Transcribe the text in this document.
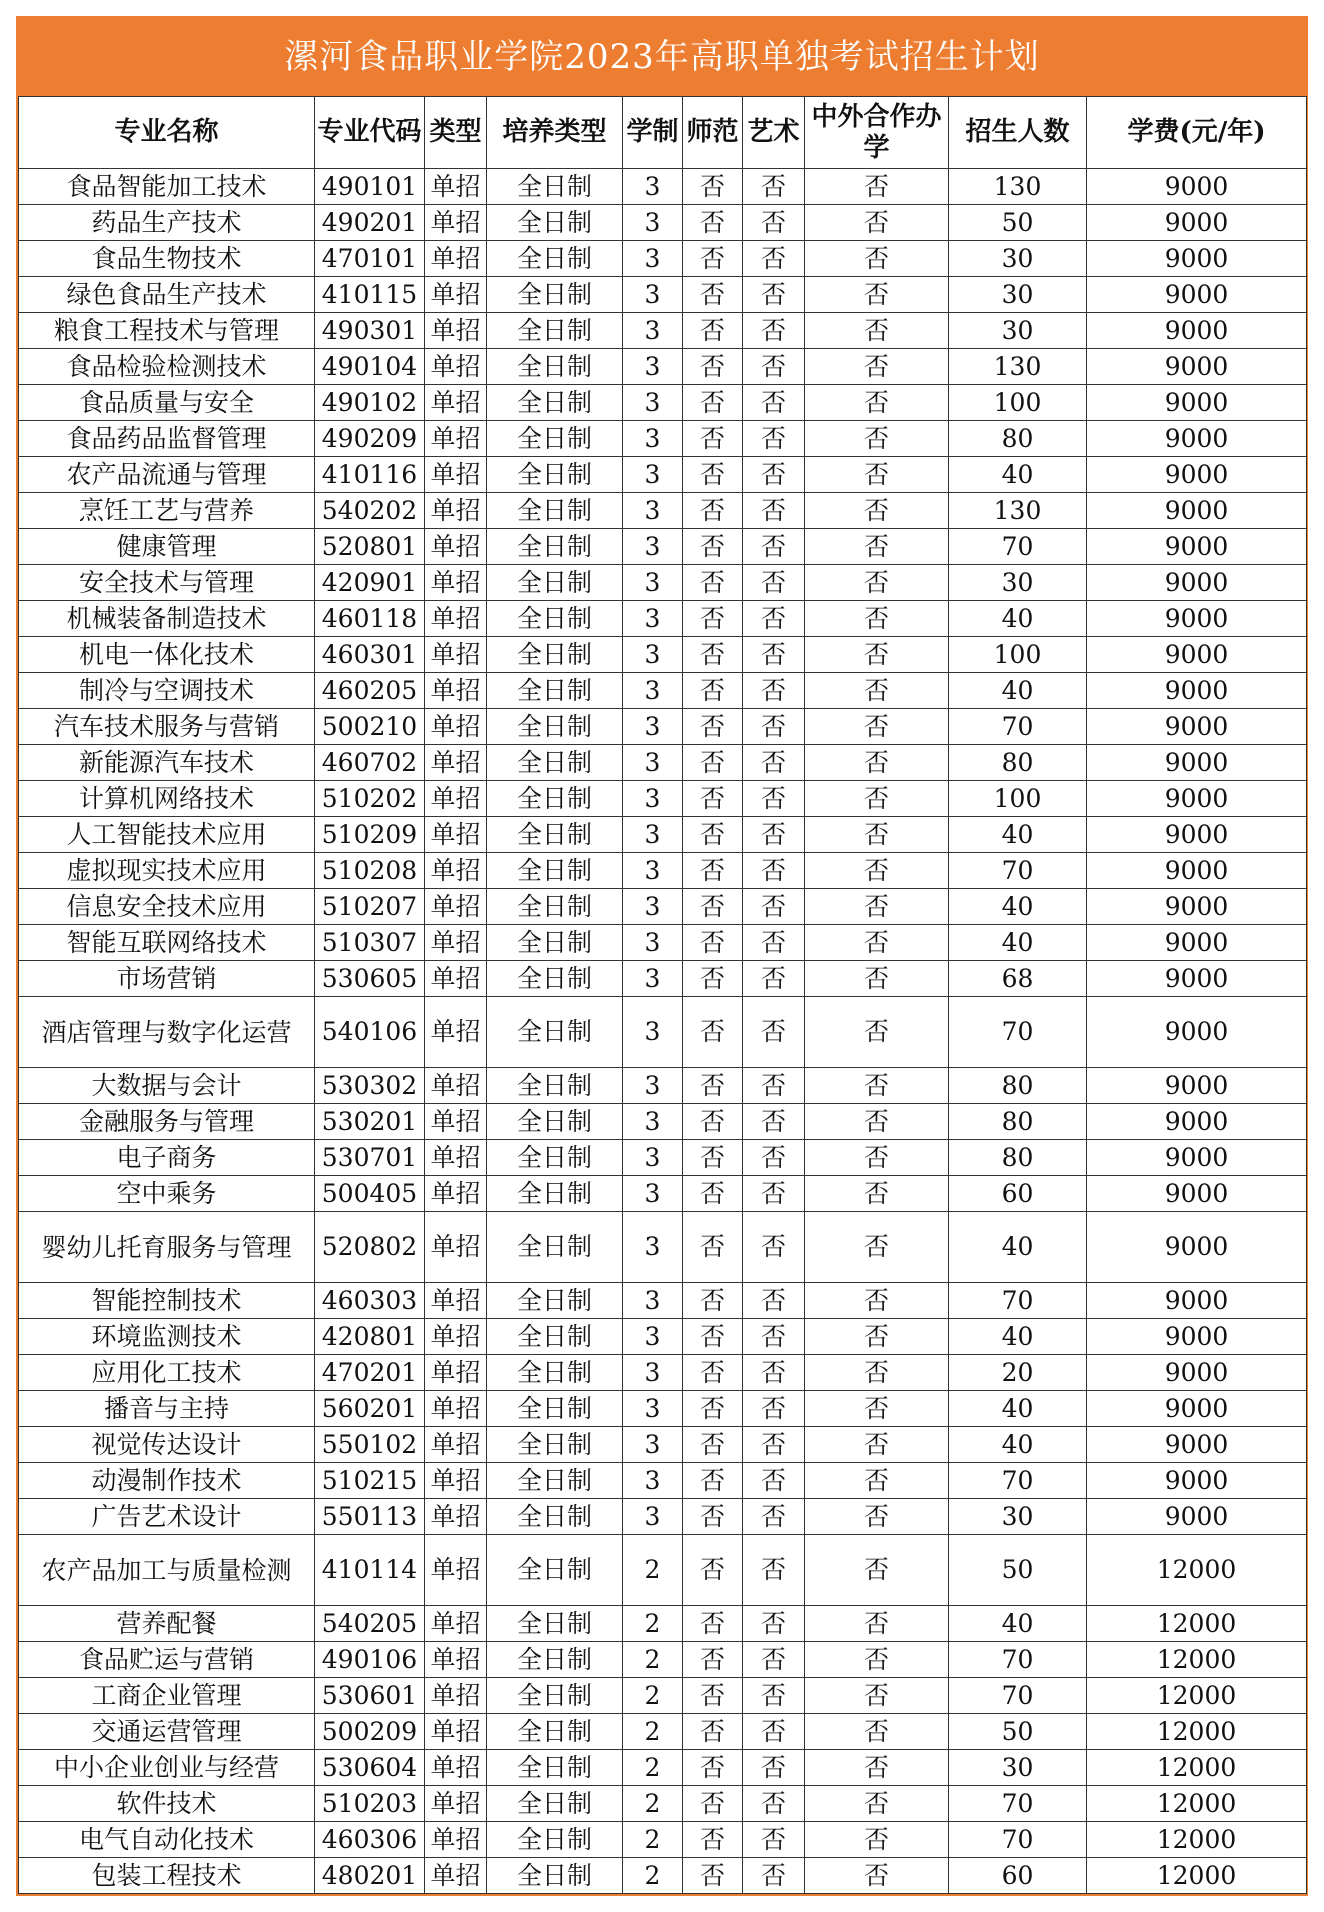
漯河食品职业学院2023年高职单独考试招生计划
专业名称	专业代码	类型	培养类型	学制	师范	艺术	中外合作办学	招生人数	学费(元/年)
食品智能加工技术	490101	单招	全日制	3	否	否	否	130	9000
药品生产技术	490201	单招	全日制	3	否	否	否	50	9000
食品生物技术	470101	单招	全日制	3	否	否	否	30	9000
绿色食品生产技术	410115	单招	全日制	3	否	否	否	30	9000
粮食工程技术与管理	490301	单招	全日制	3	否	否	否	30	9000
食品检验检测技术	490104	单招	全日制	3	否	否	否	130	9000
食品质量与安全	490102	单招	全日制	3	否	否	否	100	9000
食品药品监督管理	490209	单招	全日制	3	否	否	否	80	9000
农产品流通与管理	410116	单招	全日制	3	否	否	否	40	9000
烹饪工艺与营养	540202	单招	全日制	3	否	否	否	130	9000
健康管理	520801	单招	全日制	3	否	否	否	70	9000
安全技术与管理	420901	单招	全日制	3	否	否	否	30	9000
机械装备制造技术	460118	单招	全日制	3	否	否	否	40	9000
机电一体化技术	460301	单招	全日制	3	否	否	否	100	9000
制冷与空调技术	460205	单招	全日制	3	否	否	否	40	9000
汽车技术服务与营销	500210	单招	全日制	3	否	否	否	70	9000
新能源汽车技术	460702	单招	全日制	3	否	否	否	80	9000
计算机网络技术	510202	单招	全日制	3	否	否	否	100	9000
人工智能技术应用	510209	单招	全日制	3	否	否	否	40	9000
虚拟现实技术应用	510208	单招	全日制	3	否	否	否	70	9000
信息安全技术应用	510207	单招	全日制	3	否	否	否	40	9000
智能互联网络技术	510307	单招	全日制	3	否	否	否	40	9000
市场营销	530605	单招	全日制	3	否	否	否	68	9000
酒店管理与数字化运营	540106	单招	全日制	3	否	否	否	70	9000
大数据与会计	530302	单招	全日制	3	否	否	否	80	9000
金融服务与管理	530201	单招	全日制	3	否	否	否	80	9000
电子商务	530701	单招	全日制	3	否	否	否	80	9000
空中乘务	500405	单招	全日制	3	否	否	否	60	9000
婴幼儿托育服务与管理	520802	单招	全日制	3	否	否	否	40	9000
智能控制技术	460303	单招	全日制	3	否	否	否	70	9000
环境监测技术	420801	单招	全日制	3	否	否	否	40	9000
应用化工技术	470201	单招	全日制	3	否	否	否	20	9000
播音与主持	560201	单招	全日制	3	否	否	否	40	9000
视觉传达设计	550102	单招	全日制	3	否	否	否	40	9000
动漫制作技术	510215	单招	全日制	3	否	否	否	70	9000
广告艺术设计	550113	单招	全日制	3	否	否	否	30	9000
农产品加工与质量检测	410114	单招	全日制	2	否	否	否	50	12000
营养配餐	540205	单招	全日制	2	否	否	否	40	12000
食品贮运与营销	490106	单招	全日制	2	否	否	否	70	12000
工商企业管理	530601	单招	全日制	2	否	否	否	70	12000
交通运营管理	500209	单招	全日制	2	否	否	否	50	12000
中小企业创业与经营	530604	单招	全日制	2	否	否	否	30	12000
软件技术	510203	单招	全日制	2	否	否	否	70	12000
电气自动化技术	460306	单招	全日制	2	否	否	否	70	12000
包装工程技术	480201	单招	全日制	2	否	否	否	60	12000
